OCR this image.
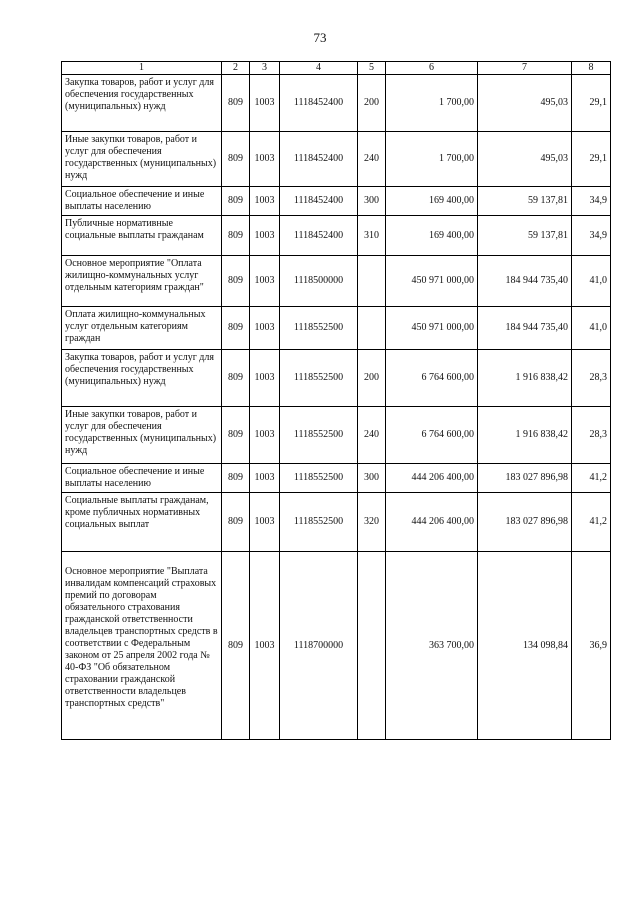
73
1	2	3	4	5	6	7	8
Закупка товаров, работ и услуг для обеспечения государственных (муниципальных) нужд	809	1003	1118452400	200	1 700,00	495,03	29,1
Иные закупки товаров, работ и услуг для обеспечения государственных (муниципальных) нужд	809	1003	1118452400	240	1 700,00	495,03	29,1
Социальное обеспечение и иные выплаты населению	809	1003	1118452400	300	169 400,00	59 137,81	34,9
Публичные нормативные социальные выплаты гражданам	809	1003	1118452400	310	169 400,00	59 137,81	34,9
Основное мероприятие "Оплата жилищно-коммунальных услуг отдельным категориям граждан"	809	1003	1118500000		450 971 000,00	184 944 735,40	41,0
Оплата жилищно-коммунальных услуг отдельным категориям граждан	809	1003	1118552500		450 971 000,00	184 944 735,40	41,0
Закупка товаров, работ и услуг для обеспечения государственных (муниципальных) нужд	809	1003	1118552500	200	6 764 600,00	1 916 838,42	28,3
Иные закупки товаров, работ и услуг для обеспечения государственных (муниципальных) нужд	809	1003	1118552500	240	6 764 600,00	1 916 838,42	28,3
Социальное обеспечение и иные выплаты населению	809	1003	1118552500	300	444 206 400,00	183 027 896,98	41,2
Социальные выплаты гражданам, кроме публичных нормативных социальных выплат	809	1003	1118552500	320	444 206 400,00	183 027 896,98	41,2
Основное мероприятие "Выплата инвалидам компенсаций страховых премий по договорам обязательного страхования гражданской ответственности владельцев транспортных средств в соответствии с Федеральным законом от 25 апреля 2002 года № 40-ФЗ "Об обязательном страховании гражданской ответственности владельцев транспортных средств"	809	1003	1118700000		363 700,00	134 098,84	36,9
